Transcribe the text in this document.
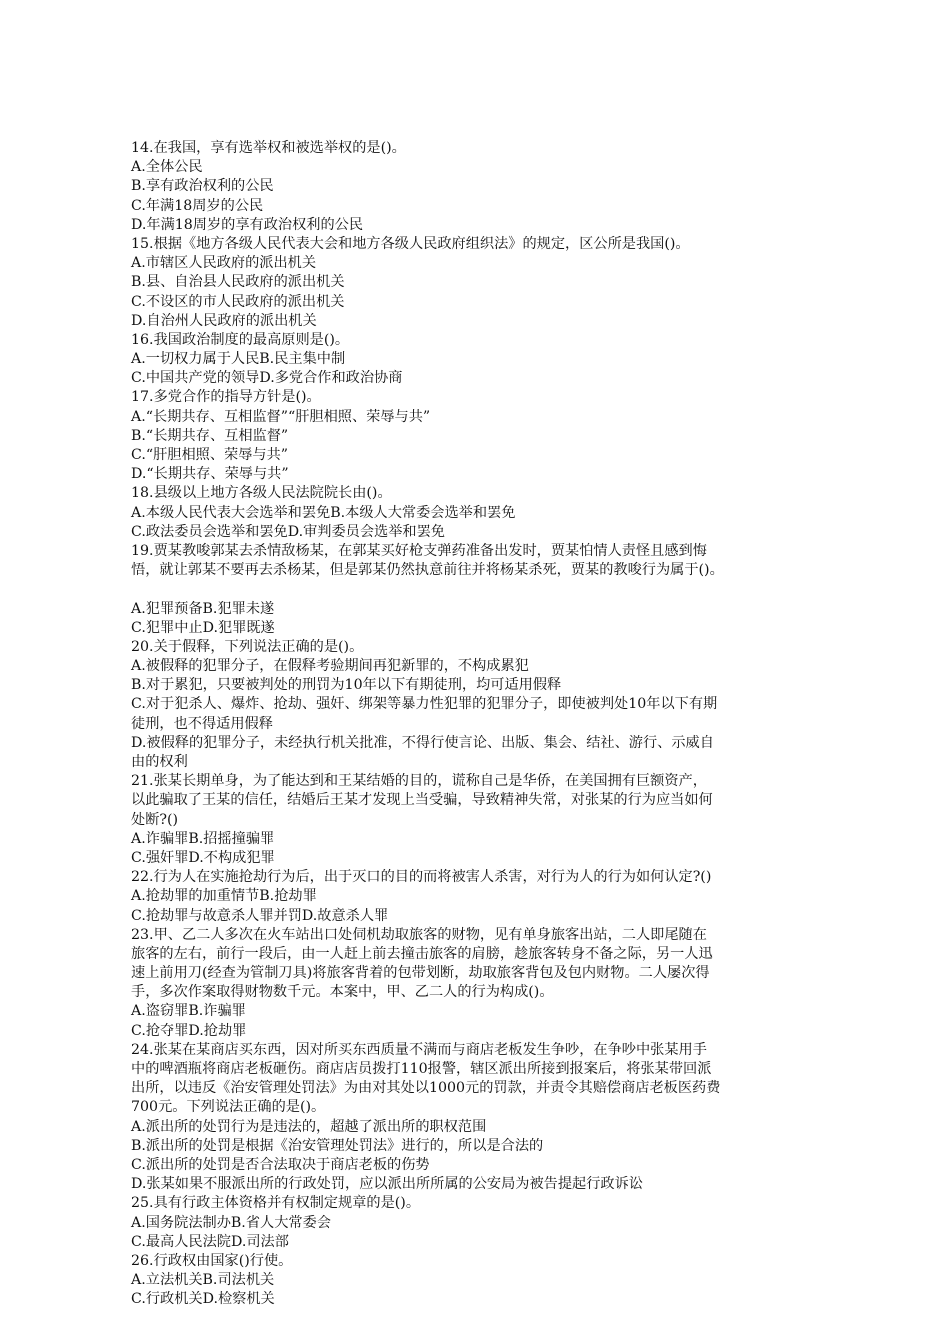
14.在我国，享有选举权和被选举权的是()。
A.全体公民
B.享有政治权利的公民
C.年满18周岁的公民
D.年满18周岁的享有政治权利的公民
15.根据《地方各级人民代表大会和地方各级人民政府组织法》的规定，区公所是我国()。
A.市辖区人民政府的派出机关
B.县、自治县人民政府的派出机关
C.不设区的市人民政府的派出机关
D.自治州人民政府的派出机关
16.我国政治制度的最高原则是()。
A.一切权力属于人民B.民主集中制
C.中国共产党的领导D.多党合作和政治协商
17.多党合作的指导方针是()。
A.“长期共存、互相监督”“肝胆相照、荣辱与共”
B.“长期共存、互相监督”
C.“肝胆相照、荣辱与共”
D.“长期共存、荣辱与共”
18.县级以上地方各级人民法院院长由()。
A.本级人民代表大会选举和罢免B.本级人大常委会选举和罢免
C.政法委员会选举和罢免D.审判委员会选举和罢免
19.贾某教唆郭某去杀情敌杨某，在郭某买好枪支弹药准备出发时，贾某怕情人责怪且感到悔
悟，就让郭某不要再去杀杨某，但是郭某仍然执意前往并将杨某杀死，贾某的教唆行为属于()。
A.犯罪预备B.犯罪未遂
C.犯罪中止D.犯罪既遂
20.关于假释，下列说法正确的是()。
A.被假释的犯罪分子，在假释考验期间再犯新罪的，不构成累犯
B.对于累犯，只要被判处的刑罚为10年以下有期徒刑，均可适用假释
C.对于犯杀人、爆炸、抢劫、强奸、绑架等暴力性犯罪的犯罪分子，即使被判处10年以下有期
徒刑，也不得适用假释
D.被假释的犯罪分子，未经执行机关批准，不得行使言论、出版、集会、结社、游行、示威自
由的权利
21.张某长期单身，为了能达到和王某结婚的目的，谎称自己是华侨，在美国拥有巨额资产，
以此骗取了王某的信任，结婚后王某才发现上当受骗，导致精神失常，对张某的行为应当如何
处断?()
A.诈骗罪B.招摇撞骗罪
C.强奸罪D.不构成犯罪
22.行为人在实施抢劫行为后，出于灭口的目的而将被害人杀害，对行为人的行为如何认定?()
A.抢劫罪的加重情节B.抢劫罪
C.抢劫罪与故意杀人罪并罚D.故意杀人罪
23.甲、乙二人多次在火车站出口处伺机劫取旅客的财物，见有单身旅客出站，二人即尾随在
旅客的左右，前行一段后，由一人赶上前去撞击旅客的肩膀，趁旅客转身不备之际，另一人迅
速上前用刀(经查为管制刀具)将旅客背着的包带划断，劫取旅客背包及包内财物。二人屡次得
手，多次作案取得财物数千元。本案中，甲、乙二人的行为构成()。
A.盗窃罪B.诈骗罪
C.抢夺罪D.抢劫罪
24.张某在某商店买东西，因对所买东西质量不满而与商店老板发生争吵，在争吵中张某用手
中的啤酒瓶将商店老板砸伤。商店店员拨打110报警，辖区派出所接到报案后，将张某带回派
出所，以违反《治安管理处罚法》为由对其处以1000元的罚款，并责令其赔偿商店老板医药费
700元。下列说法正确的是()。
A.派出所的处罚行为是违法的，超越了派出所的职权范围
B.派出所的处罚是根据《治安管理处罚法》进行的，所以是合法的
C.派出所的处罚是否合法取决于商店老板的伤势
D.张某如果不服派出所的行政处罚，应以派出所所属的公安局为被告提起行政诉讼
25.具有行政主体资格并有权制定规章的是()。
A.国务院法制办B.省人大常委会
C.最高人民法院D.司法部
26.行政权由国家()行使。
A.立法机关B.司法机关
C.行政机关D.检察机关
